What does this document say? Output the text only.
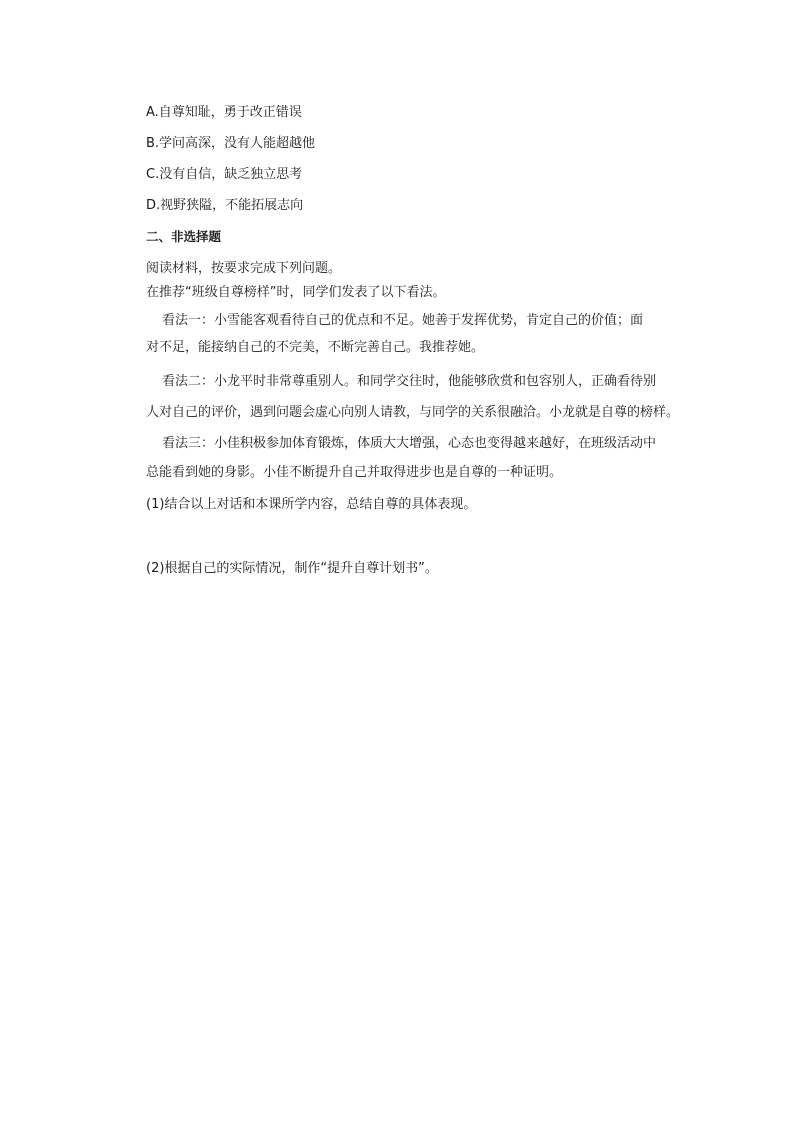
A.自尊知耻，勇于改正错误
B.学问高深，没有人能超越他
C.没有自信，缺乏独立思考
D.视野狭隘，不能拓展志向
二、非选择题
阅读材料，按要求完成下列问题。
在推荐“班级自尊榜样”时，同学们发表了以下看法。
看法一：小雪能客观看待自己的优点和不足。她善于发挥优势，肯定自己的价值；面
对不足，能接纳自己的不完美，不断完善自己。我推荐她。
看法二：小龙平时非常尊重别人。和同学交往时，他能够欣赏和包容别人，正确看待别
人对自己的评价，遇到问题会虚心向别人请教，与同学的关系很融洽。小龙就是自尊的榜样。
看法三：小佳积极参加体育锻炼，体质大大增强，心态也变得越来越好，在班级活动中
总能看到她的身影。小佳不断提升自己并取得进步也是自尊的一种证明。
(1)结合以上对话和本课所学内容，总结自尊的具体表现。
(2)根据自己的实际情况，制作“提升自尊计划书”。
